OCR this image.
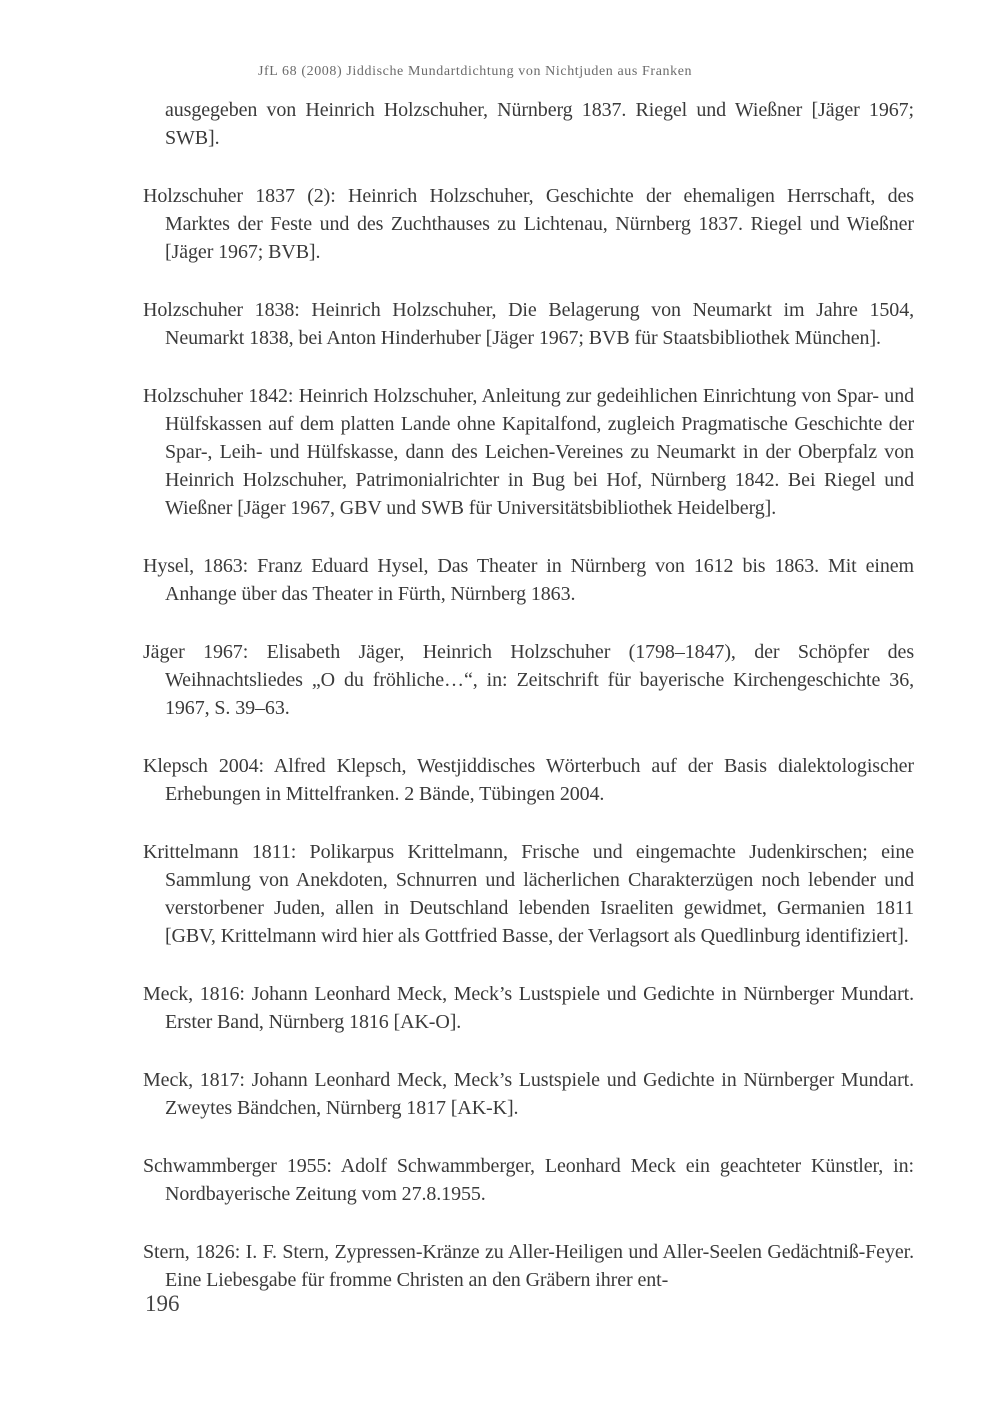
JfL 68 (2008) Jiddische Mundartdichtung von Nichtjuden aus Franken

ausgegeben von Heinrich Holzschuher, Nürnberg 1837. Riegel und Wießner [Jäger 1967; SWB].

Holzschuher 1837 (2): Heinrich Holzschuher, Geschichte der ehemaligen Herrschaft, des Marktes der Feste und des Zuchthauses zu Lichtenau, Nürnberg 1837. Riegel und Wießner [Jäger 1967; BVB].

Holzschuher 1838: Heinrich Holzschuher, Die Belagerung von Neumarkt im Jahre 1504, Neumarkt 1838, bei Anton Hinderhuber [Jäger 1967; BVB für Staatsbibliothek München].

Holzschuher 1842: Heinrich Holzschuher, Anleitung zur gedeihlichen Einrichtung von Spar- und Hülfskassen auf dem platten Lande ohne Kapitalfond, zugleich Pragmatische Geschichte der Spar-, Leih- und Hülfskasse, dann des Leichen-Vereines zu Neumarkt in der Oberpfalz von Heinrich Holzschuher, Patrimonialrichter in Bug bei Hof, Nürnberg 1842. Bei Riegel und Wießner [Jäger 1967, GBV und SWB für Universitätsbibliothek Heidelberg].

Hysel, 1863: Franz Eduard Hysel, Das Theater in Nürnberg von 1612 bis 1863. Mit einem Anhange über das Theater in Fürth, Nürnberg 1863.

Jäger 1967: Elisabeth Jäger, Heinrich Holzschuher (1798–1847), der Schöpfer des Weihnachtsliedes „O du fröhliche…“, in: Zeitschrift für bayerische Kirchengeschichte 36, 1967, S. 39–63.

Klepsch 2004: Alfred Klepsch, Westjiddisches Wörterbuch auf der Basis dialektologischer Erhebungen in Mittelfranken. 2 Bände, Tübingen 2004.

Krittelmann 1811: Polikarpus Krittelmann, Frische und eingemachte Judenkirschen; eine Sammlung von Anekdoten, Schnurren und lächerlichen Charakterzügen noch lebender und verstorbener Juden, allen in Deutschland lebenden Israeliten gewidmet, Germanien 1811 [GBV, Krittelmann wird hier als Gottfried Basse, der Verlagsort als Quedlinburg identifiziert].

Meck, 1816: Johann Leonhard Meck, Meck’s Lustspiele und Gedichte in Nürnberger Mundart. Erster Band, Nürnberg 1816 [AK-O].

Meck, 1817: Johann Leonhard Meck, Meck’s Lustspiele und Gedichte in Nürnberger Mundart. Zweytes Bändchen, Nürnberg 1817 [AK-K].

Schwammberger 1955: Adolf Schwammberger, Leonhard Meck ein geachteter Künstler, in: Nordbayerische Zeitung vom 27.8.1955.

Stern, 1826: I. F. Stern, Zypressen-Kränze zu Aller-Heiligen und Aller-Seelen Gedächtniß-Feyer. Eine Liebesgabe für fromme Christen an den Gräbern ihrer ent-

196
